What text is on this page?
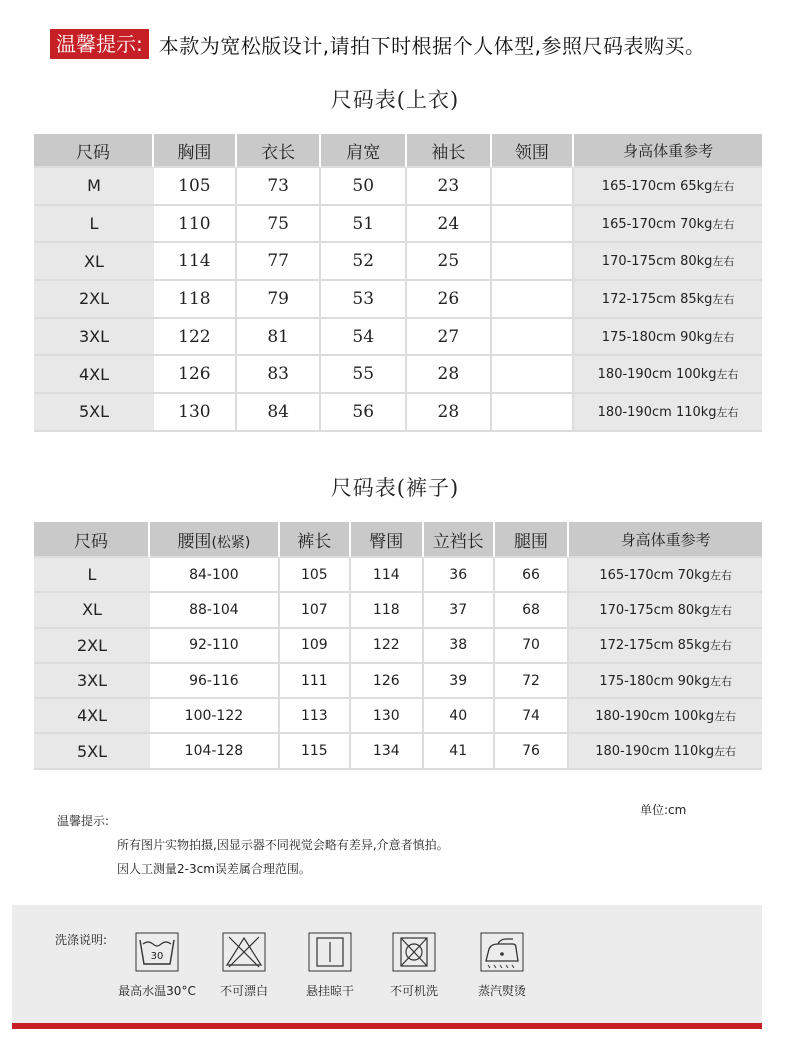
温馨提示: 本款为宽松版设计,请拍下时根据个人体型,参照尺码表购买。
尺码表(上衣)
尺码	胸围	衣长	肩宽	袖长	领围	身高体重参考
M	105	73	50	23		165-170cm 65kg左右
L	110	75	51	24		165-170cm 70kg左右
XL	114	77	52	25		170-175cm 80kg左右
2XL	118	79	53	26		172-175cm 85kg左右
3XL	122	81	54	27		175-180cm 90kg左右
4XL	126	83	55	28		180-190cm 100kg左右
5XL	130	84	56	28		180-190cm 110kg左右
尺码表(裤子)
尺码	腰围(松紧)	裤长	臀围	立裆长	腿围	身高体重参考
L	84-100	105	114	36	66	165-170cm 70kg左右
XL	88-104	107	118	37	68	170-175cm 80kg左右
2XL	92-110	109	122	38	70	172-175cm 85kg左右
3XL	96-116	111	126	39	72	175-180cm 90kg左右
4XL	100-122	113	130	40	74	180-190cm 100kg左右
5XL	104-128	115	134	41	76	180-190cm 110kg左右
单位:cm
温馨提示:
所有图片实物拍摄,因显示器不同视觉会略有差异,介意者慎拍。
因人工测量2-3cm误差属合理范围。
洗涤说明:
30
最高水温30°C	不可漂白	悬挂晾干	不可机洗	蒸汽熨烫
